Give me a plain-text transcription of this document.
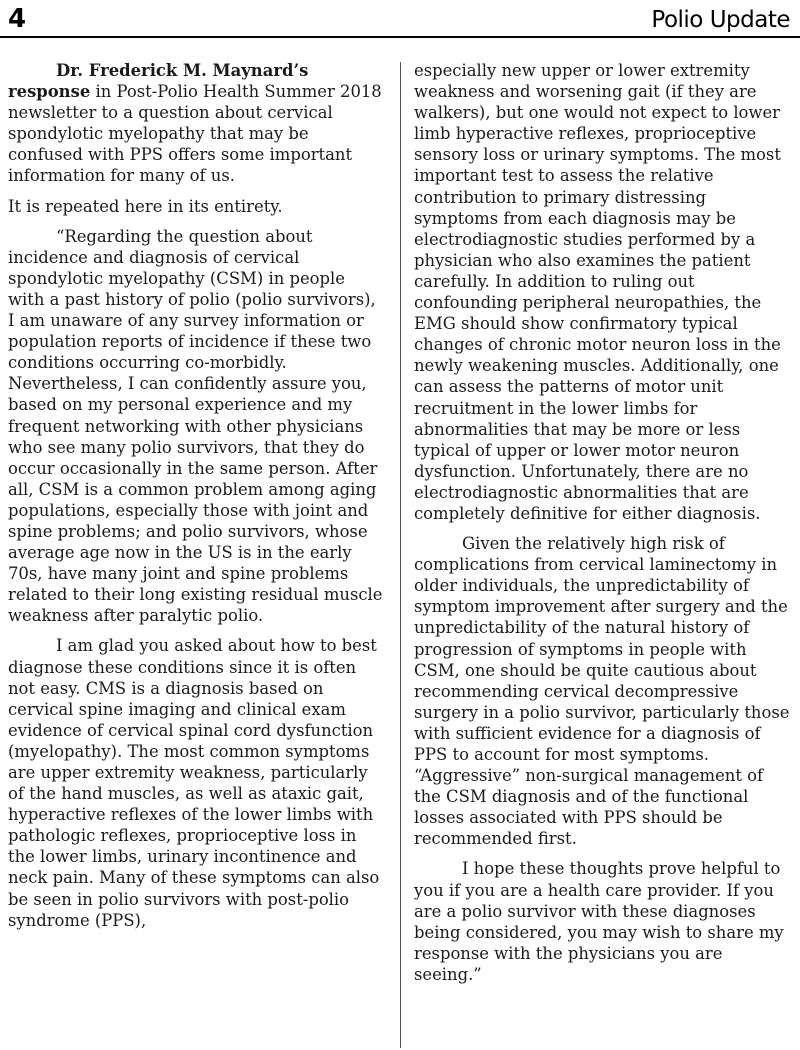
4	Polio Update

Dr. Frederick M. Maynard’s response in Post-Polio Health Summer 2018 newsletter to a question about cervical spondylotic myelopathy that may be confused with PPS offers some important information for many of us.

It is repeated here in its entirety.

“Regarding the question about incidence and diagnosis of cervical spondylotic myelopathy (CSM) in people with a past history of polio (polio survivors), I am unaware of any survey information or population reports of incidence if these two conditions occurring co-morbidly. Nevertheless, I can confidently assure you, based on my personal experience and my frequent networking with other physicians who see many polio survivors, that they do occur occasionally in the same person. After all, CSM is a common problem among aging populations, especially those with joint and spine problems; and polio survivors, whose average age now in the US is in the early 70s, have many joint and spine problems related to their long existing residual muscle weakness after paralytic polio.

I am glad you asked about how to best diagnose these conditions since it is often not easy. CMS is a diagnosis based on cervical spine imaging and clinical exam evidence of cervical spinal cord dysfunction (myelopathy). The most common symptoms are upper extremity weakness, particularly of the hand muscles, as well as ataxic gait, hyperactive reflexes of the lower limbs with pathologic reflexes, proprioceptive loss in the lower limbs, urinary incontinence and neck pain. Many of these symptoms can also be seen in polio survivors with post-polio syndrome (PPS),

especially new upper or lower extremity weakness and worsening gait (if they are walkers), but one would not expect to lower limb hyperactive reflexes, proprioceptive sensory loss or urinary symptoms. The most important test to assess the relative contribution to primary distressing symptoms from each diagnosis may be electrodiagnostic studies performed by a physician who also examines the patient carefully. In addition to ruling out confounding peripheral neuropathies, the EMG should show confirmatory typical changes of chronic motor neuron loss in the newly weakening muscles. Additionally, one can assess the patterns of motor unit recruitment in the lower limbs for abnormalities that may be more or less typical of upper or lower motor neuron dysfunction. Unfortunately, there are no electrodiagnostic abnormalities that are completely definitive for either diagnosis.

Given the relatively high risk of complications from cervical laminectomy in older individuals, the unpredictability of symptom improvement after surgery and the unpredictability of the natural history of progression of symptoms in people with CSM, one should be quite cautious about recommending cervical decompressive surgery in a polio survivor, particularly those with sufficient evidence for a diagnosis of PPS to account for most symptoms. “Aggressive” non-surgical management of the CSM diagnosis and of the functional losses associated with PPS should be recommended first.

I hope these thoughts prove helpful to you if you are a health care provider. If you are a polio survivor with these diagnoses being considered, you may wish to share my response with the physicians you are seeing.”
